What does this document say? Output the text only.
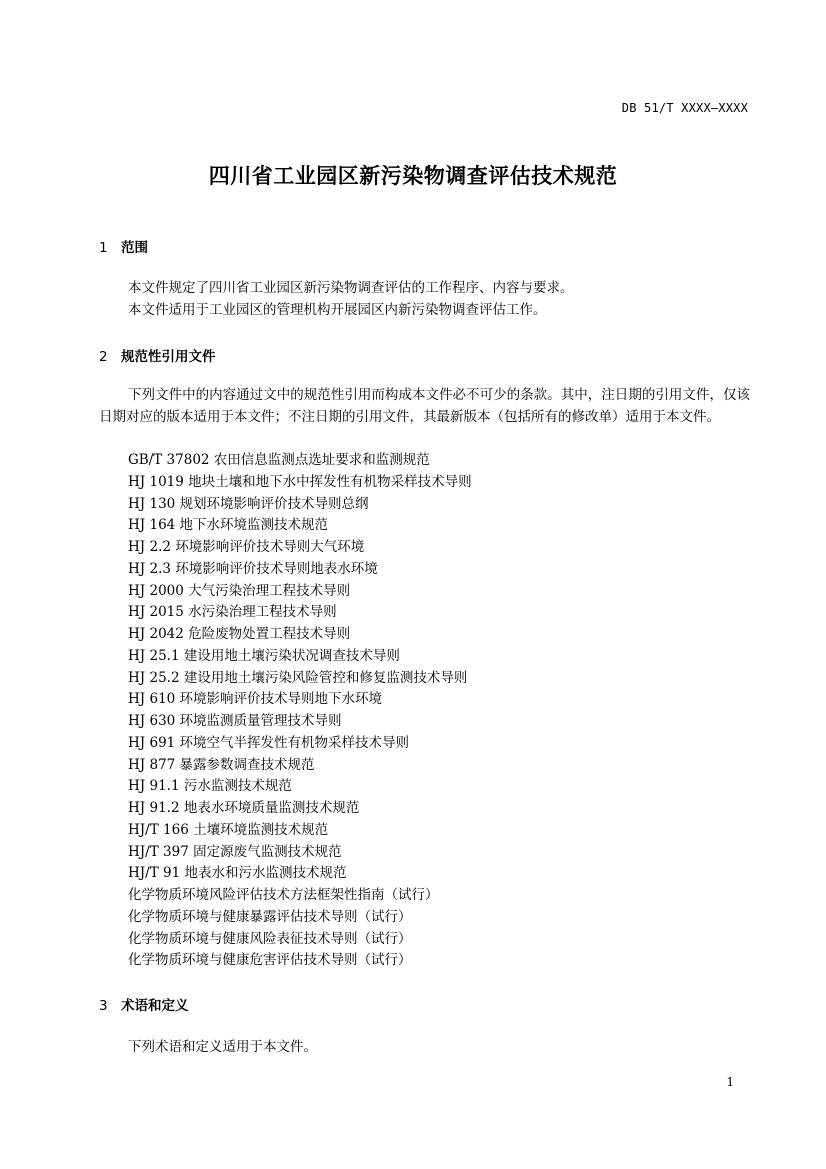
DB 51/T XXXX—XXXX
四川省工业园区新污染物调查评估技术规范
1 范围
本文件规定了四川省工业园区新污染物调查评估的工作程序、内容与要求。
本文件适用于工业园区的管理机构开展园区内新污染物调查评估工作。
2 规范性引用文件
下列文件中的内容通过文中的规范性引用而构成本文件必不可少的条款。其中，注日期的引用文件，仅该日期对应的版本适用于本文件；不注日期的引用文件，其最新版本（包括所有的修改单）适用于本文件。
GB/T 37802 农田信息监测点选址要求和监测规范
HJ 1019 地块土壤和地下水中挥发性有机物采样技术导则
HJ 130 规划环境影响评价技术导则总纲
HJ 164 地下水环境监测技术规范
HJ 2.2 环境影响评价技术导则大气环境
HJ 2.3 环境影响评价技术导则地表水环境
HJ 2000 大气污染治理工程技术导则
HJ 2015 水污染治理工程技术导则
HJ 2042 危险废物处置工程技术导则
HJ 25.1 建设用地土壤污染状况调查技术导则
HJ 25.2 建设用地土壤污染风险管控和修复监测技术导则
HJ 610 环境影响评价技术导则地下水环境
HJ 630 环境监测质量管理技术导则
HJ 691 环境空气半挥发性有机物采样技术导则
HJ 877 暴露参数调查技术规范
HJ 91.1 污水监测技术规范
HJ 91.2 地表水环境质量监测技术规范
HJ/T 166 土壤环境监测技术规范
HJ/T 397 固定源废气监测技术规范
HJ/T 91 地表水和污水监测技术规范
化学物质环境风险评估技术方法框架性指南（试行）
化学物质环境与健康暴露评估技术导则（试行）
化学物质环境与健康风险表征技术导则（试行）
化学物质环境与健康危害评估技术导则（试行）
3 术语和定义
下列术语和定义适用于本文件。
1
